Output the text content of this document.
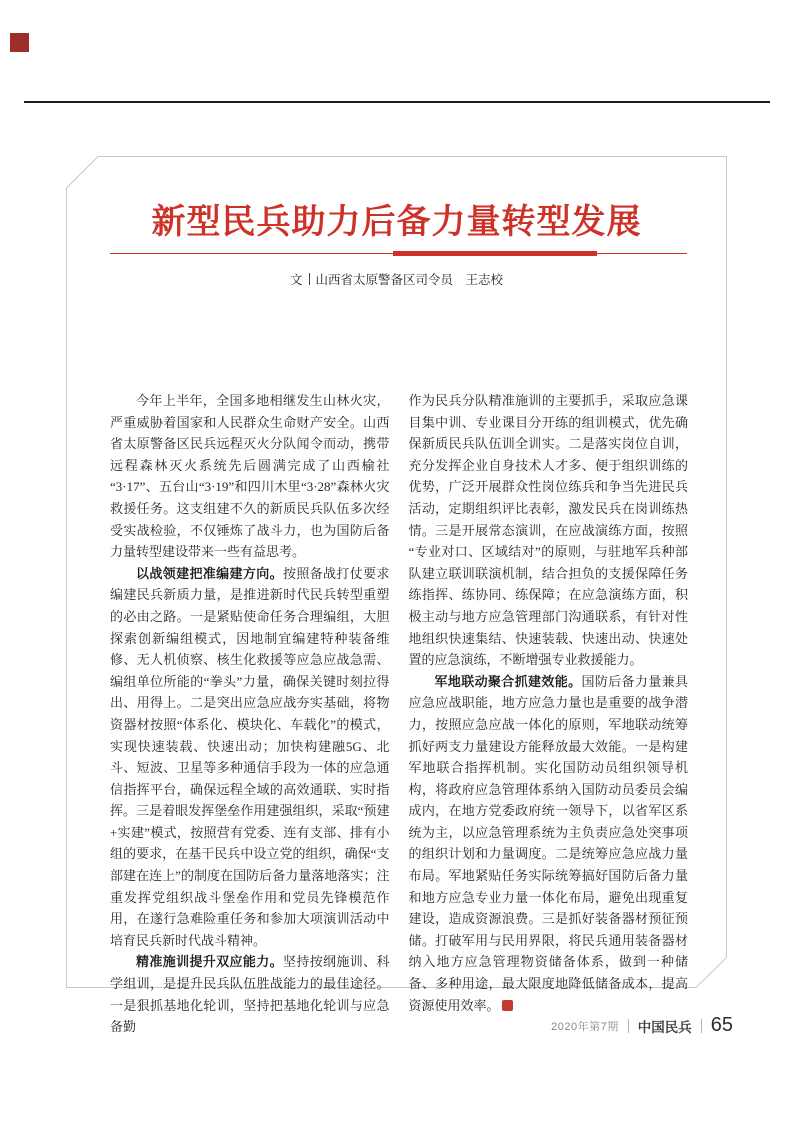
新型民兵助力后备力量转型发展
文 山西省太原警备区司令员　王志校

今年上半年，全国多地相继发生山林火灾，严重威胁着国家和人民群众生命财产安全。山西省太原警备区民兵远程灭火分队闻令而动，携带远程森林灭火系统先后圆满完成了山西榆社“3·17”、五台山“3·19”和四川木里“3·28”森林火灾救援任务。这支组建不久的新质民兵队伍多次经受实战检验，不仅锤炼了战斗力，也为国防后备力量转型建设带来一些有益思考。

以战领建把准编建方向。按照备战打仗要求编建民兵新质力量，是推进新时代民兵转型重塑的必由之路。一是紧贴使命任务合理编组，大胆探索创新编组模式，因地制宜编建特种装备维修、无人机侦察、核生化救援等应急应战急需、编组单位所能的“拳头”力量，确保关键时刻拉得出、用得上。二是突出应急应战夯实基础，将物资器材按照“体系化、模块化、车载化”的模式，实现快速装载、快速出动；加快构建融5G、北斗、短波、卫星等多种通信手段为一体的应急通信指挥平台，确保远程全域的高效通联、实时指挥。三是着眼发挥堡垒作用建强组织，采取“预建+实建”模式，按照营有党委、连有支部、排有小组的要求，在基干民兵中设立党的组织，确保“支部建在连上”的制度在国防后备力量落地落实；注重发挥党组织战斗堡垒作用和党员先锋模范作用，在遂行急难险重任务和参加大项演训活动中培育民兵新时代战斗精神。

精准施训提升双应能力。坚持按纲施训、科学组训，是提升民兵队伍胜战能力的最佳途径。一是狠抓基地化轮训，坚持把基地化轮训与应急备勤

作为民兵分队精准施训的主要抓手，采取应急课目集中训、专业课目分开练的组训模式，优先确保新质民兵队伍训全训实。二是落实岗位自训，充分发挥企业自身技术人才多、便于组织训练的优势，广泛开展群众性岗位练兵和争当先进民兵活动，定期组织评比表彰，激发民兵在岗训练热情。三是开展常态演训，在应战演练方面，按照“专业对口、区域结对”的原则，与驻地军兵种部队建立联训联演机制，结合担负的支援保障任务练指挥、练协同、练保障；在应急演练方面，积极主动与地方应急管理部门沟通联系，有针对性地组织快速集结、快速装载、快速出动、快速处置的应急演练，不断增强专业救援能力。

军地联动聚合抓建效能。国防后备力量兼具应急应战职能，地方应急力量也是重要的战争潜力，按照应急应战一体化的原则，军地联动统筹抓好两支力量建设方能释放最大效能。一是构建军地联合指挥机制。实化国防动员组织领导机构，将政府应急管理体系纳入国防动员委员会编成内，在地方党委政府统一领导下，以省军区系统为主，以应急管理系统为主负责应急处突事项的组织计划和力量调度。二是统筹应急应战力量布局。军地紧贴任务实际统筹搞好国防后备力量和地方应急专业力量一体化布局，避免出现重复建设，造成资源浪费。三是抓好装备器材预征预储。打破军用与民用界限，将民兵通用装备器材纳入地方应急管理物资储备体系，做到一种储备、多种用途，最大限度地降低储备成本，提高资源使用效率。

2020年第7期 中国民兵 65
